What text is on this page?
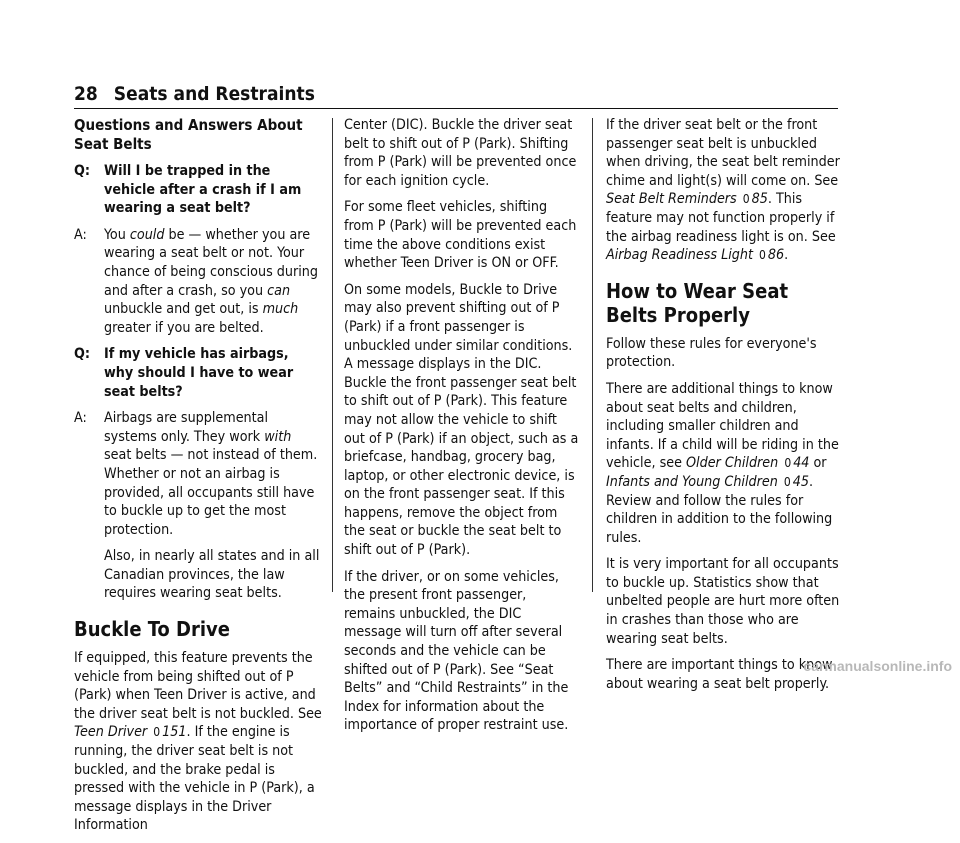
28 Seats and Restraints
Questions and Answers About Seat Belts
Q: Will I be trapped in the vehicle after a crash if I am wearing a seat belt?
A:	You could be — whether you are wearing a seat belt or not. Your chance of being conscious during and after a crash, so you can unbuckle and get out, is much greater if you are belted.
Q: If my vehicle has airbags, why should I have to wear seat belts?
A:	Airbags are supplemental systems only. They work with seat belts — not instead of them. Whether or not an airbag is provided, all occupants still have to buckle up to get the most protection.
Also, in nearly all states and in all Canadian provinces, the law requires wearing seat belts.
Buckle To Drive
If equipped, this feature prevents the vehicle from being shifted out of P (Park) when Teen Driver is active, and the driver seat belt is not buckled. See Teen Driver 0 151. If the engine is running, the driver seat belt is not buckled, and the brake pedal is pressed with the vehicle in P (Park), a message displays in the Driver Information
Center (DIC). Buckle the driver seat belt to shift out of P (Park). Shifting from P (Park) will be prevented once for each ignition cycle.
For some fleet vehicles, shifting from P (Park) will be prevented each time the above conditions exist whether Teen Driver is ON or OFF.
On some models, Buckle to Drive may also prevent shifting out of P (Park) if a front passenger is unbuckled under similar conditions. A message displays in the DIC. Buckle the front passenger seat belt to shift out of P (Park). This feature may not allow the vehicle to shift out of P (Park) if an object, such as a briefcase, handbag, grocery bag, laptop, or other electronic device, is on the front passenger seat. If this happens, remove the object from the seat or buckle the seat belt to shift out of P (Park).
If the driver, or on some vehicles, the present front passenger, remains unbuckled, the DIC message will turn off after several seconds and the vehicle can be shifted out of P (Park). See “Seat Belts” and “Child Restraints” in the Index for information about the importance of proper restraint use.
If the driver seat belt or the front passenger seat belt is unbuckled when driving, the seat belt reminder chime and light(s) will come on. See Seat Belt Reminders 0 85. This feature may not function properly if the airbag readiness light is on. See Airbag Readiness Light 0 86.
How to Wear Seat Belts Properly
Follow these rules for everyone's protection.
There are additional things to know about seat belts and children, including smaller children and infants. If a child will be riding in the vehicle, see Older Children 0 44 or Infants and Young Children 0 45. Review and follow the rules for children in addition to the following rules.
It is very important for all occupants to buckle up. Statistics show that unbelted people are hurt more often in crashes than those who are wearing seat belts.
There are important things to know about wearing a seat belt properly.
carmanualsonline.info
